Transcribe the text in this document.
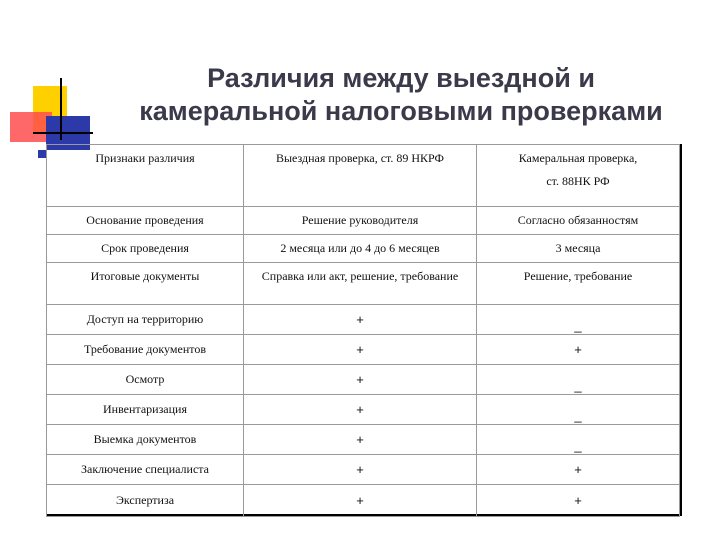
Различия между выездной и
камеральной налоговыми проверками
Признаки различия	Выездная проверка, ст. 89 НКРФ	Камеральная проверка,
ст. 88НК РФ

Основание проведения	Решение руководителя	Согласно обязанностям
Срок проведения	2 месяца или до 4 до 6 месяцев	3 месяца
Итоговые документы	Справка или акт, решение, требование	Решение, требование
Доступ на территорию	+	_
Требование документов	+	+
Осмотр	+	_
Инвентаризация	+	_
Выемка документов	+	_
Заключение специалиста	+	+
Экспертиза	+	+
